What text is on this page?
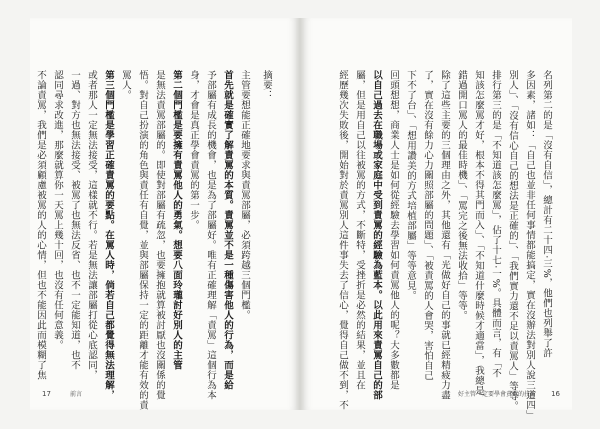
摘要：
主管要想能正確地要求與責罵部屬，必須跨越三個門檻。
首先就是確實了解責罵的本質。責罵並不是一種傷害他人的行為，而是給
予部屬有成長的機會，也是為了部屬好。唯有正確理解「責罵」這個行為本
身，才會是真正學會責罵的第一步。
第二個門檻是要擁有責罵他人的勇氣。想要八面玲瓏討好別人的主管
是無法責罵部屬的。即使對部屬有疏忽，也要擁抱就算被討厭也沒關係的覺
悟。對自己扮演的角色與責任有自覺，並與部屬保持一定的距離才能有效的責
罵人。
第三個門檻是學習正確責罵的要點。在罵人時，倘若自己都覺得無法理解，
或者那人一定無法接受，這樣就不行。若是無法讓部屬打從心底認同，
一過、對方也無法接受、被罵了也無法反省、也不一定能知道，也不
認同尋求改進，那麼就算你一天罵上幾十回，也沒有任何意義。
不論責罵，我們是必須顧慮被罵的人的心情，但也不能因此而模糊了焦
17	前言
名列第二的是「沒有自信」，總計有二十四·三%，他們也列舉了許
多因素，諸如：「自己也並非任何事情都能搞定，實在沒辦法對別人說三道四」
別人」、「沒有信心自己的想法是正確的」、「我們實力還不足以責罵人」等等。
排行第三的是「不知道該怎麼罵」，佔了十七·一%。具體而言，有「不
知該怎麼罵才好，根本不得其門而入」、「不知道什麼時候才適當」，我總是
錯過開口罵人的最佳時機」、「罵完之後無法收拾」等等。
除了這些主要的三個理由之外，其他還有「光做好自己的事就已經精疲力盡
了，實在沒有餘力心力關照部屬的問題」、「被責罵的人會哭，害怕自己
下不了台」、「想用讚美的方式培植部屬」等等意見。
回頭想想，商業人士是如何從經驗去學習如何責罵他人的呢？大多數都是
以自己過去在職場或家庭中受到責罵的經驗為藍本。以此用來責罵自己的部
屬，但是用自己以往被罵的方式，不斷特，受挫折是必然的結果，並且在
經歷幾次失敗後，開始對於責罵別人這件事失去了信心，覺得自己做不到，不	好主管一定要學會責罵的技術 16
